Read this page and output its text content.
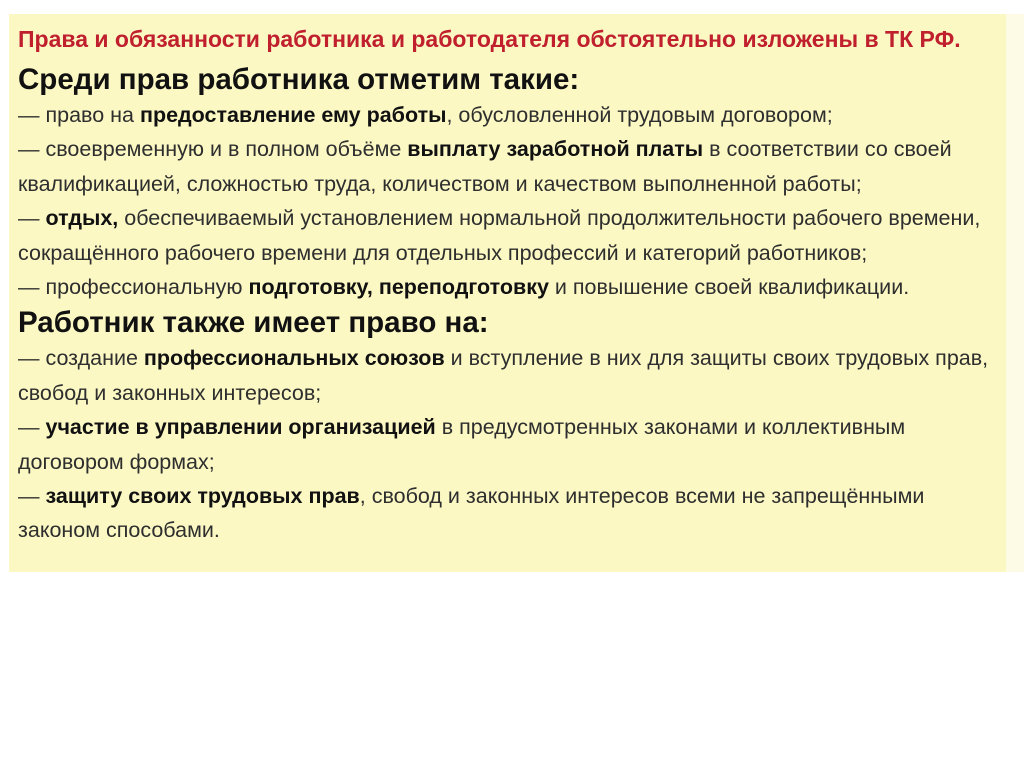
Права и обязанности работника и работодателя обстоятельно изложены в ТК РФ.

Среди прав работника отметим такие:

— право на предоставление ему работы, обусловленной трудовым договором;

— своевременную и в полном объёме выплату заработной платы в соответствии со своей квалификацией, сложностью труда, количеством и качеством выполненной работы;

— отдых, обеспечиваемый установлением нормальной продолжительности рабочего времени, сокращённого рабочего времени для отдельных профессий и категорий работников;

— профессиональную подготовку, переподготовку и повышение своей квалификации.

Работник также имеет право на:

— создание профессиональных союзов и вступление в них для защиты своих трудовых прав, свобод и законных интересов;

— участие в управлении организацией в предусмотренных законами и коллективным договором формах;

— защиту своих трудовых прав, свобод и законных интересов всеми не запрещёнными законом способами.
